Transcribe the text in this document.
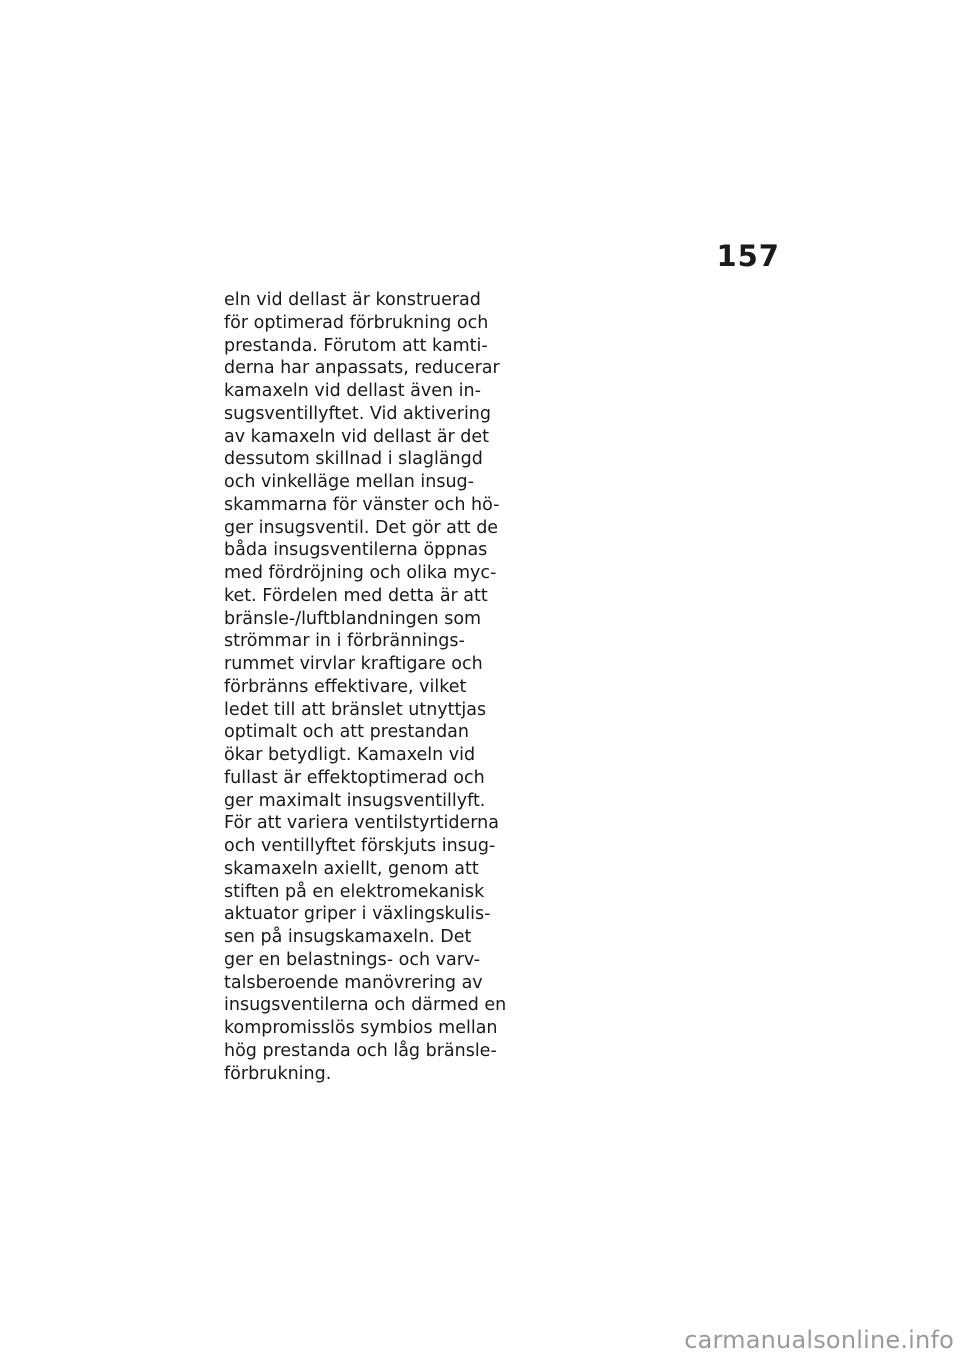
157
eln vid dellast är konstruerad
för optimerad förbrukning och
prestanda. Förutom att kamti-
derna har anpassats, reducerar
kamaxeln vid dellast även in-
sugsventillyftet. Vid aktivering
av kamaxeln vid dellast är det
dessutom skillnad i slaglängd
och vinkelläge mellan insug-
skammarna för vänster och hö-
ger insugsventil. Det gör att de
båda insugsventilerna öppnas
med fördröjning och olika myc-
ket. Fördelen med detta är att
bränsle-/luftblandningen som
strömmar in i förbrännings-
rummet virvlar kraftigare och
förbränns effektivare, vilket
ledet till att bränslet utnyttjas
optimalt och att prestandan
ökar betydligt. Kamaxeln vid
fullast är effektoptimerad och
ger maximalt insugsventillyft.
För att variera ventilstyrtiderna
och ventillyftet förskjuts insug-
skamaxeln axiellt, genom att
stiften på en elektromekanisk
aktuator griper i växlingskulis-
sen på insugskamaxeln. Det
ger en belastnings- och varv-
talsberoende manövrering av
insugsventilerna och därmed en
kompromisslös symbios mellan
hög prestanda och låg bränsle-
förbrukning.
carmanualsonline.info
